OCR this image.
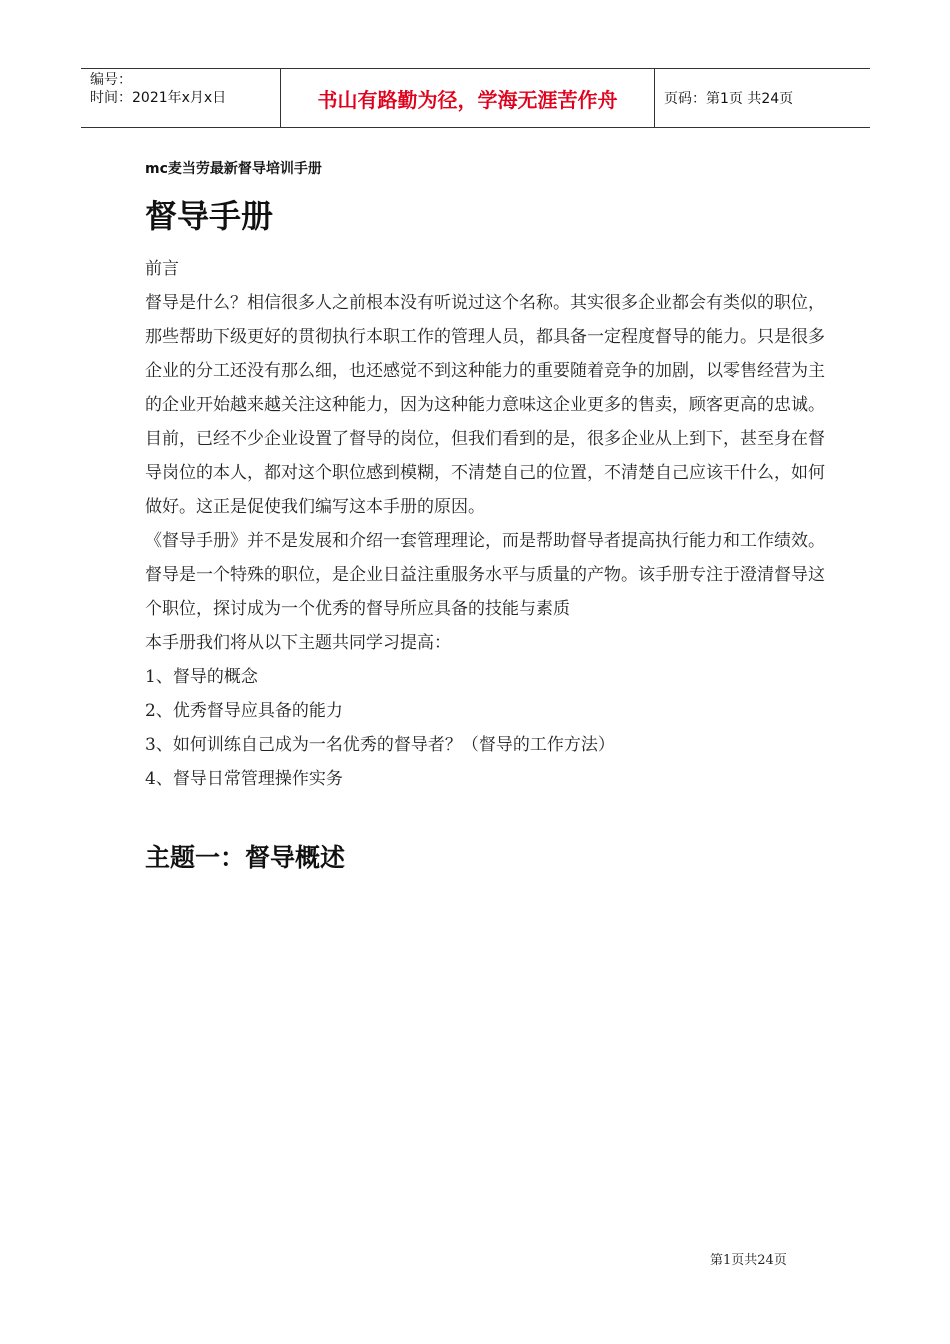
编号：
时间：2021年x月x日	书山有路勤为径，学海无涯苦作舟	页码：第1页 共24页
mc麦当劳最新督导培训手册
督导手册

前言

督导是什么？相信很多人之前根本没有听说过这个名称。其实很多企业都会有类似的职位，那些帮助下级更好的贯彻执行本职工作的管理人员，都具备一定程度督导的能力。只是很多企业的分工还没有那么细，也还感觉不到这种能力的重要随着竞争的加剧，以零售经营为主的企业开始越来越关注这种能力，因为这种能力意味这企业更多的售卖，顾客更高的忠诚。目前，已经不少企业设置了督导的岗位，但我们看到的是，很多企业从上到下，甚至身在督导岗位的本人，都对这个职位感到模糊，不清楚自己的位置，不清楚自己应该干什么，如何做好。这正是促使我们编写这本手册的原因。

《督导手册》并不是发展和介绍一套管理理论，而是帮助督导者提高执行能力和工作绩效。督导是一个特殊的职位，是企业日益注重服务水平与质量的产物。该手册专注于澄清督导这个职位，探讨成为一个优秀的督导所应具备的技能与素质

本手册我们将从以下主题共同学习提高：

1、督导的概念

2、优秀督导应具备的能力

3、如何训练自己成为一名优秀的督导者？（督导的工作方法）

4、督导日常管理操作实务

主题一：督导概述
第1页共24页
